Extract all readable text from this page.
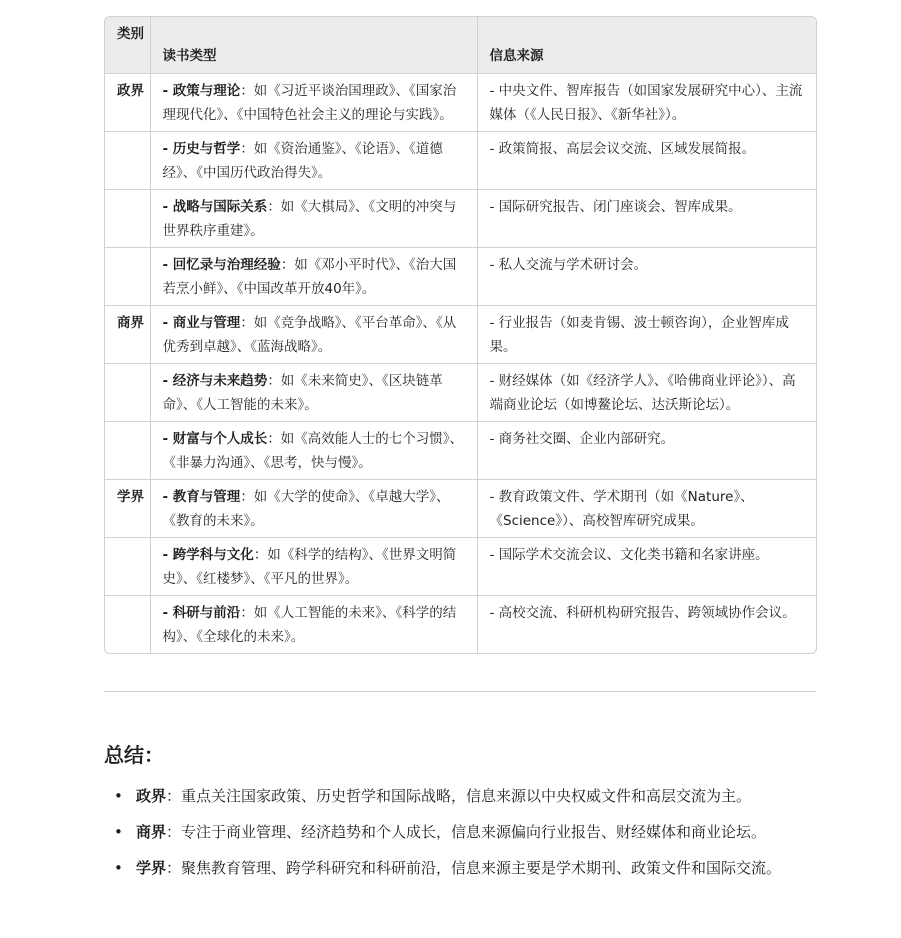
类别	读书类型	信息来源
政界	- 政策与理论：如《习近平谈治国理政》、《国家治理现代化》、《中国特色社会主义的理论与实践》。	- 中央文件、智库报告（如国家发展研究中心）、主流媒体（《人民日报》、《新华社》）。
	- 历史与哲学：如《资治通鉴》、《论语》、《道德经》、《中国历代政治得失》。	- 政策简报、高层会议交流、区域发展简报。
	- 战略与国际关系：如《大棋局》、《文明的冲突与世界秩序重建》。	- 国际研究报告、闭门座谈会、智库成果。
	- 回忆录与治理经验：如《邓小平时代》、《治大国若烹小鲜》、《中国改革开放40年》。	- 私人交流与学术研讨会。
商界	- 商业与管理：如《竞争战略》、《平台革命》、《从优秀到卓越》、《蓝海战略》。	- 行业报告（如麦肯锡、波士顿咨询），企业智库成果。
	- 经济与未来趋势：如《未来简史》、《区块链革命》、《人工智能的未来》。	- 财经媒体（如《经济学人》、《哈佛商业评论》）、高端商业论坛（如博鳌论坛、达沃斯论坛）。
	- 财富与个人成长：如《高效能人士的七个习惯》、《非暴力沟通》、《思考，快与慢》。	- 商务社交圈、企业内部研究。
学界	- 教育与管理：如《大学的使命》、《卓越大学》、《教育的未来》。	- 教育政策文件、学术期刊（如《Nature》、《Science》）、高校智库研究成果。
	- 跨学科与文化：如《科学的结构》、《世界文明简史》、《红楼梦》、《平凡的世界》。	- 国际学术交流会议、文化类书籍和名家讲座。
	- 科研与前沿：如《人工智能的未来》、《科学的结构》、《全球化的未来》。	- 高校交流、科研机构研究报告、跨领域协作会议。
总结：
• 政界：重点关注国家政策、历史哲学和国际战略，信息来源以中央权威文件和高层交流为主。
• 商界：专注于商业管理、经济趋势和个人成长，信息来源偏向行业报告、财经媒体和商业论坛。
• 学界：聚焦教育管理、跨学科研究和科研前沿，信息来源主要是学术期刊、政策文件和国际交流。
